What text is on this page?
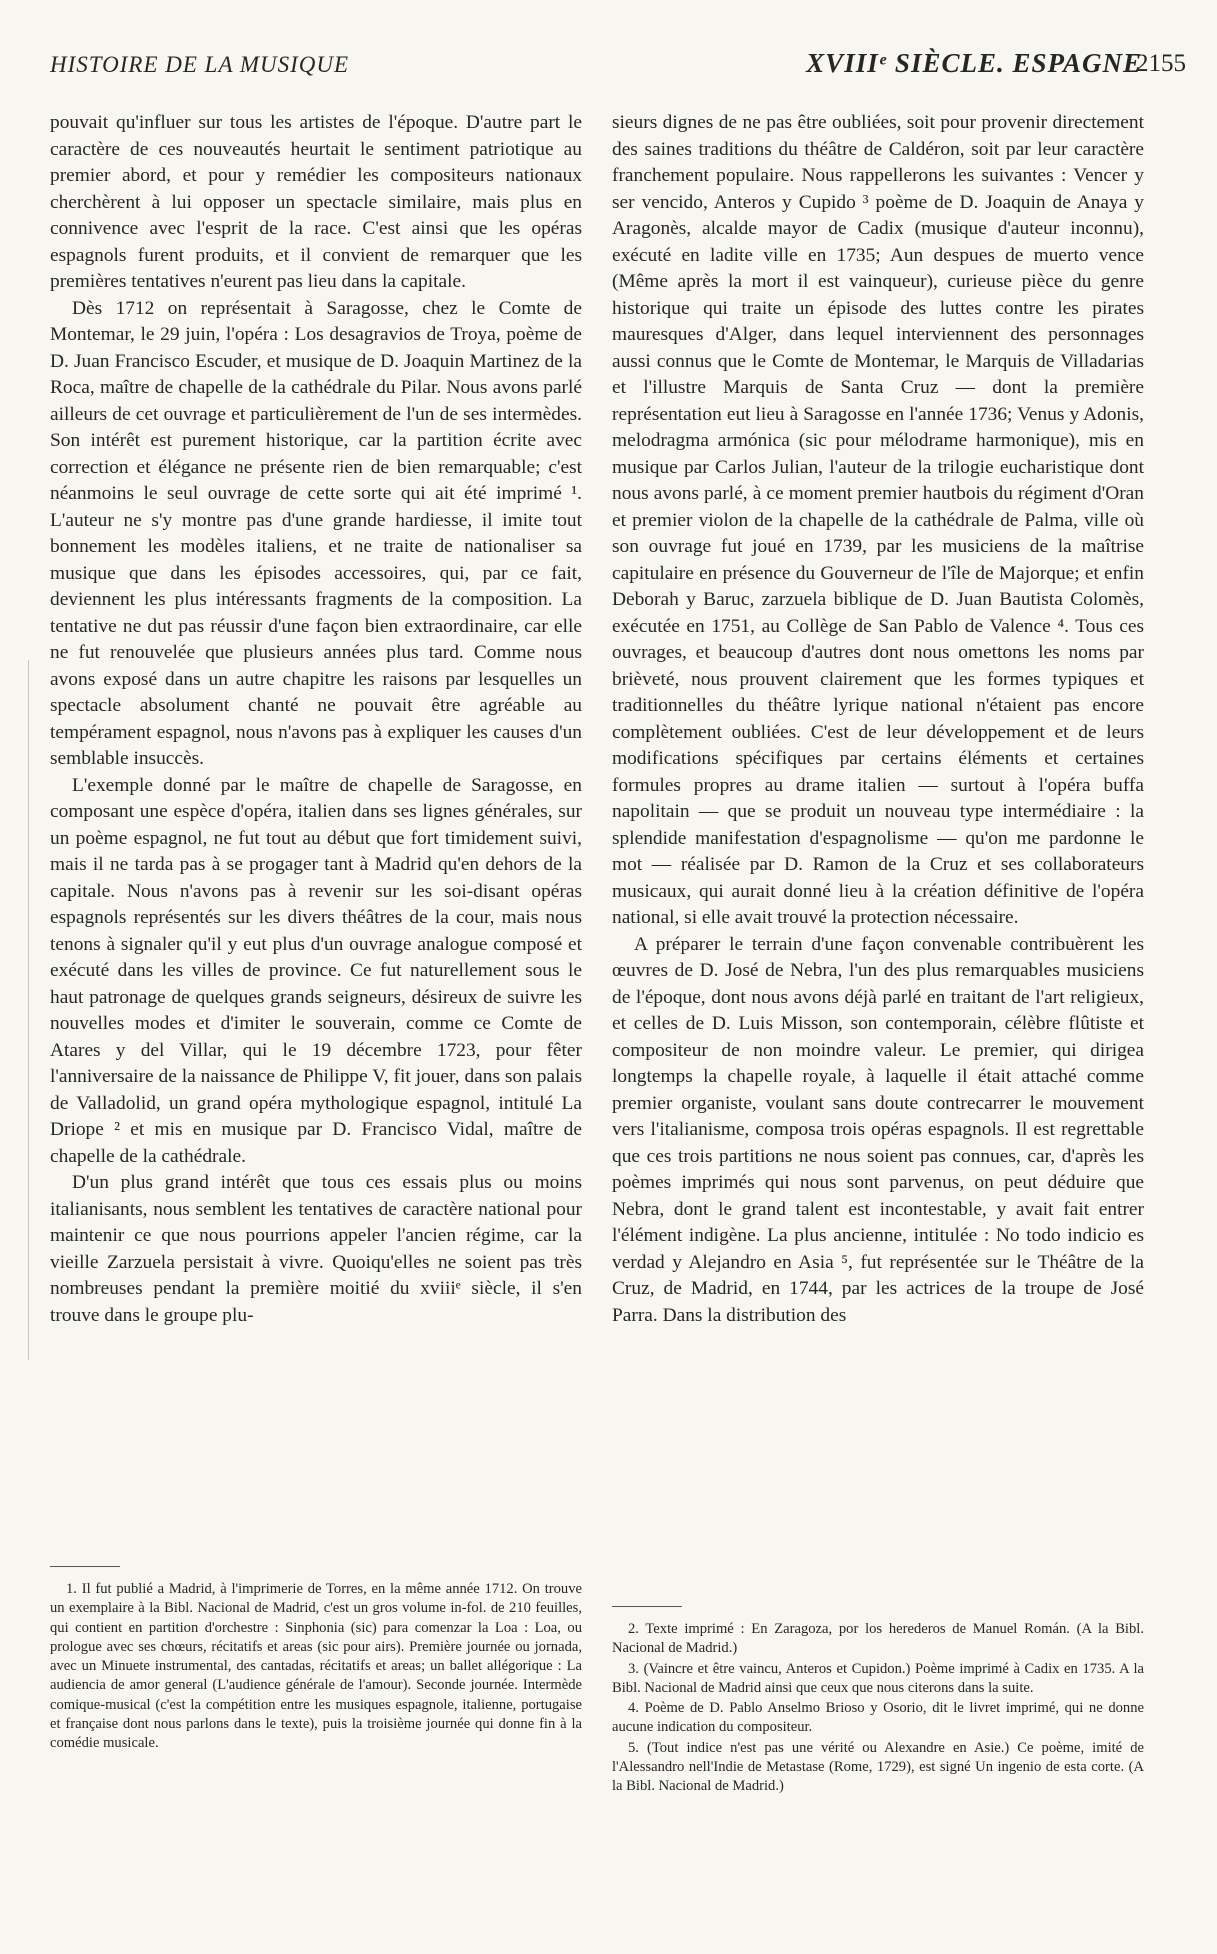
HISTOIRE DE LA MUSIQUE	XVIIIᵉ SIÈCLE. ESPAGNE
2155

pouvait qu'influer sur tous les artistes de l'époque. D'autre part le caractère de ces nouveautés heurtait le sentiment patriotique au premier abord, et pour y remédier les compositeurs nationaux cherchèrent à lui opposer un spectacle similaire, mais plus en connivence avec l'esprit de la race. C'est ainsi que les opéras espagnols furent produits, et il convient de remarquer que les premières tentatives n'eurent pas lieu dans la capitale.

Dès 1712 on représentait à Saragosse, chez le Comte de Montemar, le 29 juin, l'opéra : Los desagravios de Troya, poème de D. Juan Francisco Escuder, et musique de D. Joaquin Martinez de la Roca, maître de chapelle de la cathédrale du Pilar. Nous avons parlé ailleurs de cet ouvrage et particulièrement de l'un de ses intermèdes. Son intérêt est purement historique, car la partition écrite avec correction et élégance ne présente rien de bien remarquable; c'est néanmoins le seul ouvrage de cette sorte qui ait été imprimé ¹. L'auteur ne s'y montre pas d'une grande hardiesse, il imite tout bonnement les modèles italiens, et ne traite de nationaliser sa musique que dans les épisodes accessoires, qui, par ce fait, deviennent les plus intéressants fragments de la composition. La tentative ne dut pas réussir d'une façon bien extraordinaire, car elle ne fut renouvelée que plusieurs années plus tard. Comme nous avons exposé dans un autre chapitre les raisons par lesquelles un spectacle absolument chanté ne pouvait être agréable au tempérament espagnol, nous n'avons pas à expliquer les causes d'un semblable insuccès.

L'exemple donné par le maître de chapelle de Saragosse, en composant une espèce d'opéra, italien dans ses lignes générales, sur un poème espagnol, ne fut tout au début que fort timidement suivi, mais il ne tarda pas à se progager tant à Madrid qu'en dehors de la capitale. Nous n'avons pas à revenir sur les soi-disant opéras espagnols représentés sur les divers théâtres de la cour, mais nous tenons à signaler qu'il y eut plus d'un ouvrage analogue composé et exécuté dans les villes de province. Ce fut naturellement sous le haut patronage de quelques grands seigneurs, désireux de suivre les nouvelles modes et d'imiter le souverain, comme ce Comte de Atares y del Villar, qui le 19 décembre 1723, pour fêter l'anniversaire de la naissance de Philippe V, fit jouer, dans son palais de Valladolid, un grand opéra mythologique espagnol, intitulé La Driope ² et mis en musique par D. Francisco Vidal, maître de chapelle de la cathédrale.

D'un plus grand intérêt que tous ces essais plus ou moins italianisants, nous semblent les tentatives de caractère national pour maintenir ce que nous pourrions appeler l'ancien régime, car la vieille Zarzuela persistait à vivre. Quoiqu'elles ne soient pas très nombreuses pendant la première moitié du xviiiᵉ siècle, il s'en trouve dans le groupe plu-

sieurs dignes de ne pas être oubliées, soit pour provenir directement des saines traditions du théâtre de Caldéron, soit par leur caractère franchement populaire. Nous rappellerons les suivantes : Vencer y ser vencido, Anteros y Cupido ³ poème de D. Joaquin de Anaya y Aragonès, alcalde mayor de Cadix (musique d'auteur inconnu), exécuté en ladite ville en 1735; Aun despues de muerto vence (Même après la mort il est vainqueur), curieuse pièce du genre historique qui traite un épisode des luttes contre les pirates mauresques d'Alger, dans lequel interviennent des personnages aussi connus que le Comte de Montemar, le Marquis de Villadarias et l'illustre Marquis de Santa Cruz — dont la première représentation eut lieu à Saragosse en l'année 1736; Venus y Adonis, melodragma armónica (sic pour mélodrame harmonique), mis en musique par Carlos Julian, l'auteur de la trilogie eucharistique dont nous avons parlé, à ce moment premier hautbois du régiment d'Oran et premier violon de la chapelle de la cathédrale de Palma, ville où son ouvrage fut joué en 1739, par les musiciens de la maîtrise capitulaire en présence du Gouverneur de l'île de Majorque; et enfin Deborah y Baruc, zarzuela biblique de D. Juan Bautista Colomès, exécutée en 1751, au Collège de San Pablo de Valence ⁴. Tous ces ouvrages, et beaucoup d'autres dont nous omettons les noms par brièveté, nous prouvent clairement que les formes typiques et traditionnelles du théâtre lyrique national n'étaient pas encore complètement oubliées. C'est de leur développement et de leurs modifications spécifiques par certains éléments et certaines formules propres au drame italien — surtout à l'opéra buffa napolitain — que se produit un nouveau type intermédiaire : la splendide manifestation d'espagnolisme — qu'on me pardonne le mot — réalisée par D. Ramon de la Cruz et ses collaborateurs musicaux, qui aurait donné lieu à la création définitive de l'opéra national, si elle avait trouvé la protection nécessaire.

A préparer le terrain d'une façon convenable contribuèrent les œuvres de D. José de Nebra, l'un des plus remarquables musiciens de l'époque, dont nous avons déjà parlé en traitant de l'art religieux, et celles de D. Luis Misson, son contemporain, célèbre flûtiste et compositeur de non moindre valeur. Le premier, qui dirigea longtemps la chapelle royale, à laquelle il était attaché comme premier organiste, voulant sans doute contrecarrer le mouvement vers l'italianisme, composa trois opéras espagnols. Il est regrettable que ces trois partitions ne nous soient pas connues, car, d'après les poèmes imprimés qui nous sont parvenus, on peut déduire que Nebra, dont le grand talent est incontestable, y avait fait entrer l'élément indigène. La plus ancienne, intitulée : No todo indicio es verdad y Alejandro en Asia ⁵, fut représentée sur le Théâtre de la Cruz, de Madrid, en 1744, par les actrices de la troupe de José Parra. Dans la distribution des

1. Il fut publié a Madrid, à l'imprimerie de Torres, en la même année 1712. On trouve un exemplaire à la Bibl. Nacional de Madrid, c'est un gros volume in-fol. de 210 feuilles, qui contient en partition d'orchestre : Sinphonia (sic) para comenzar la Loa : Loa, ou prologue avec ses chœurs, récitatifs et areas (sic pour airs). Première journée ou jornada, avec un Minuete instrumental, des cantadas, récitatifs et areas; un ballet allégorique : La audiencia de amor general (L'audience générale de l'amour). Seconde journée. Intermède comique-musical (c'est la compétition entre les musiques espagnole, italienne, portugaise et française dont nous parlons dans le texte), puis la troisième journée qui donne fin à la comédie musicale.

2. Texte imprimé : En Zaragoza, por los herederos de Manuel Román. (A la Bibl. Nacional de Madrid.)

3. (Vaincre et être vaincu, Anteros et Cupidon.) Poème imprimé à Cadix en 1735. A la Bibl. Nacional de Madrid ainsi que ceux que nous citerons dans la suite.

4. Poème de D. Pablo Anselmo Brioso y Osorio, dit le livret imprimé, qui ne donne aucune indication du compositeur.

5. (Tout indice n'est pas une vérité ou Alexandre en Asie.) Ce poème, imité de l'Alessandro nell'Indie de Metastase (Rome, 1729), est signé Un ingenio de esta corte. (A la Bibl. Nacional de Madrid.)
